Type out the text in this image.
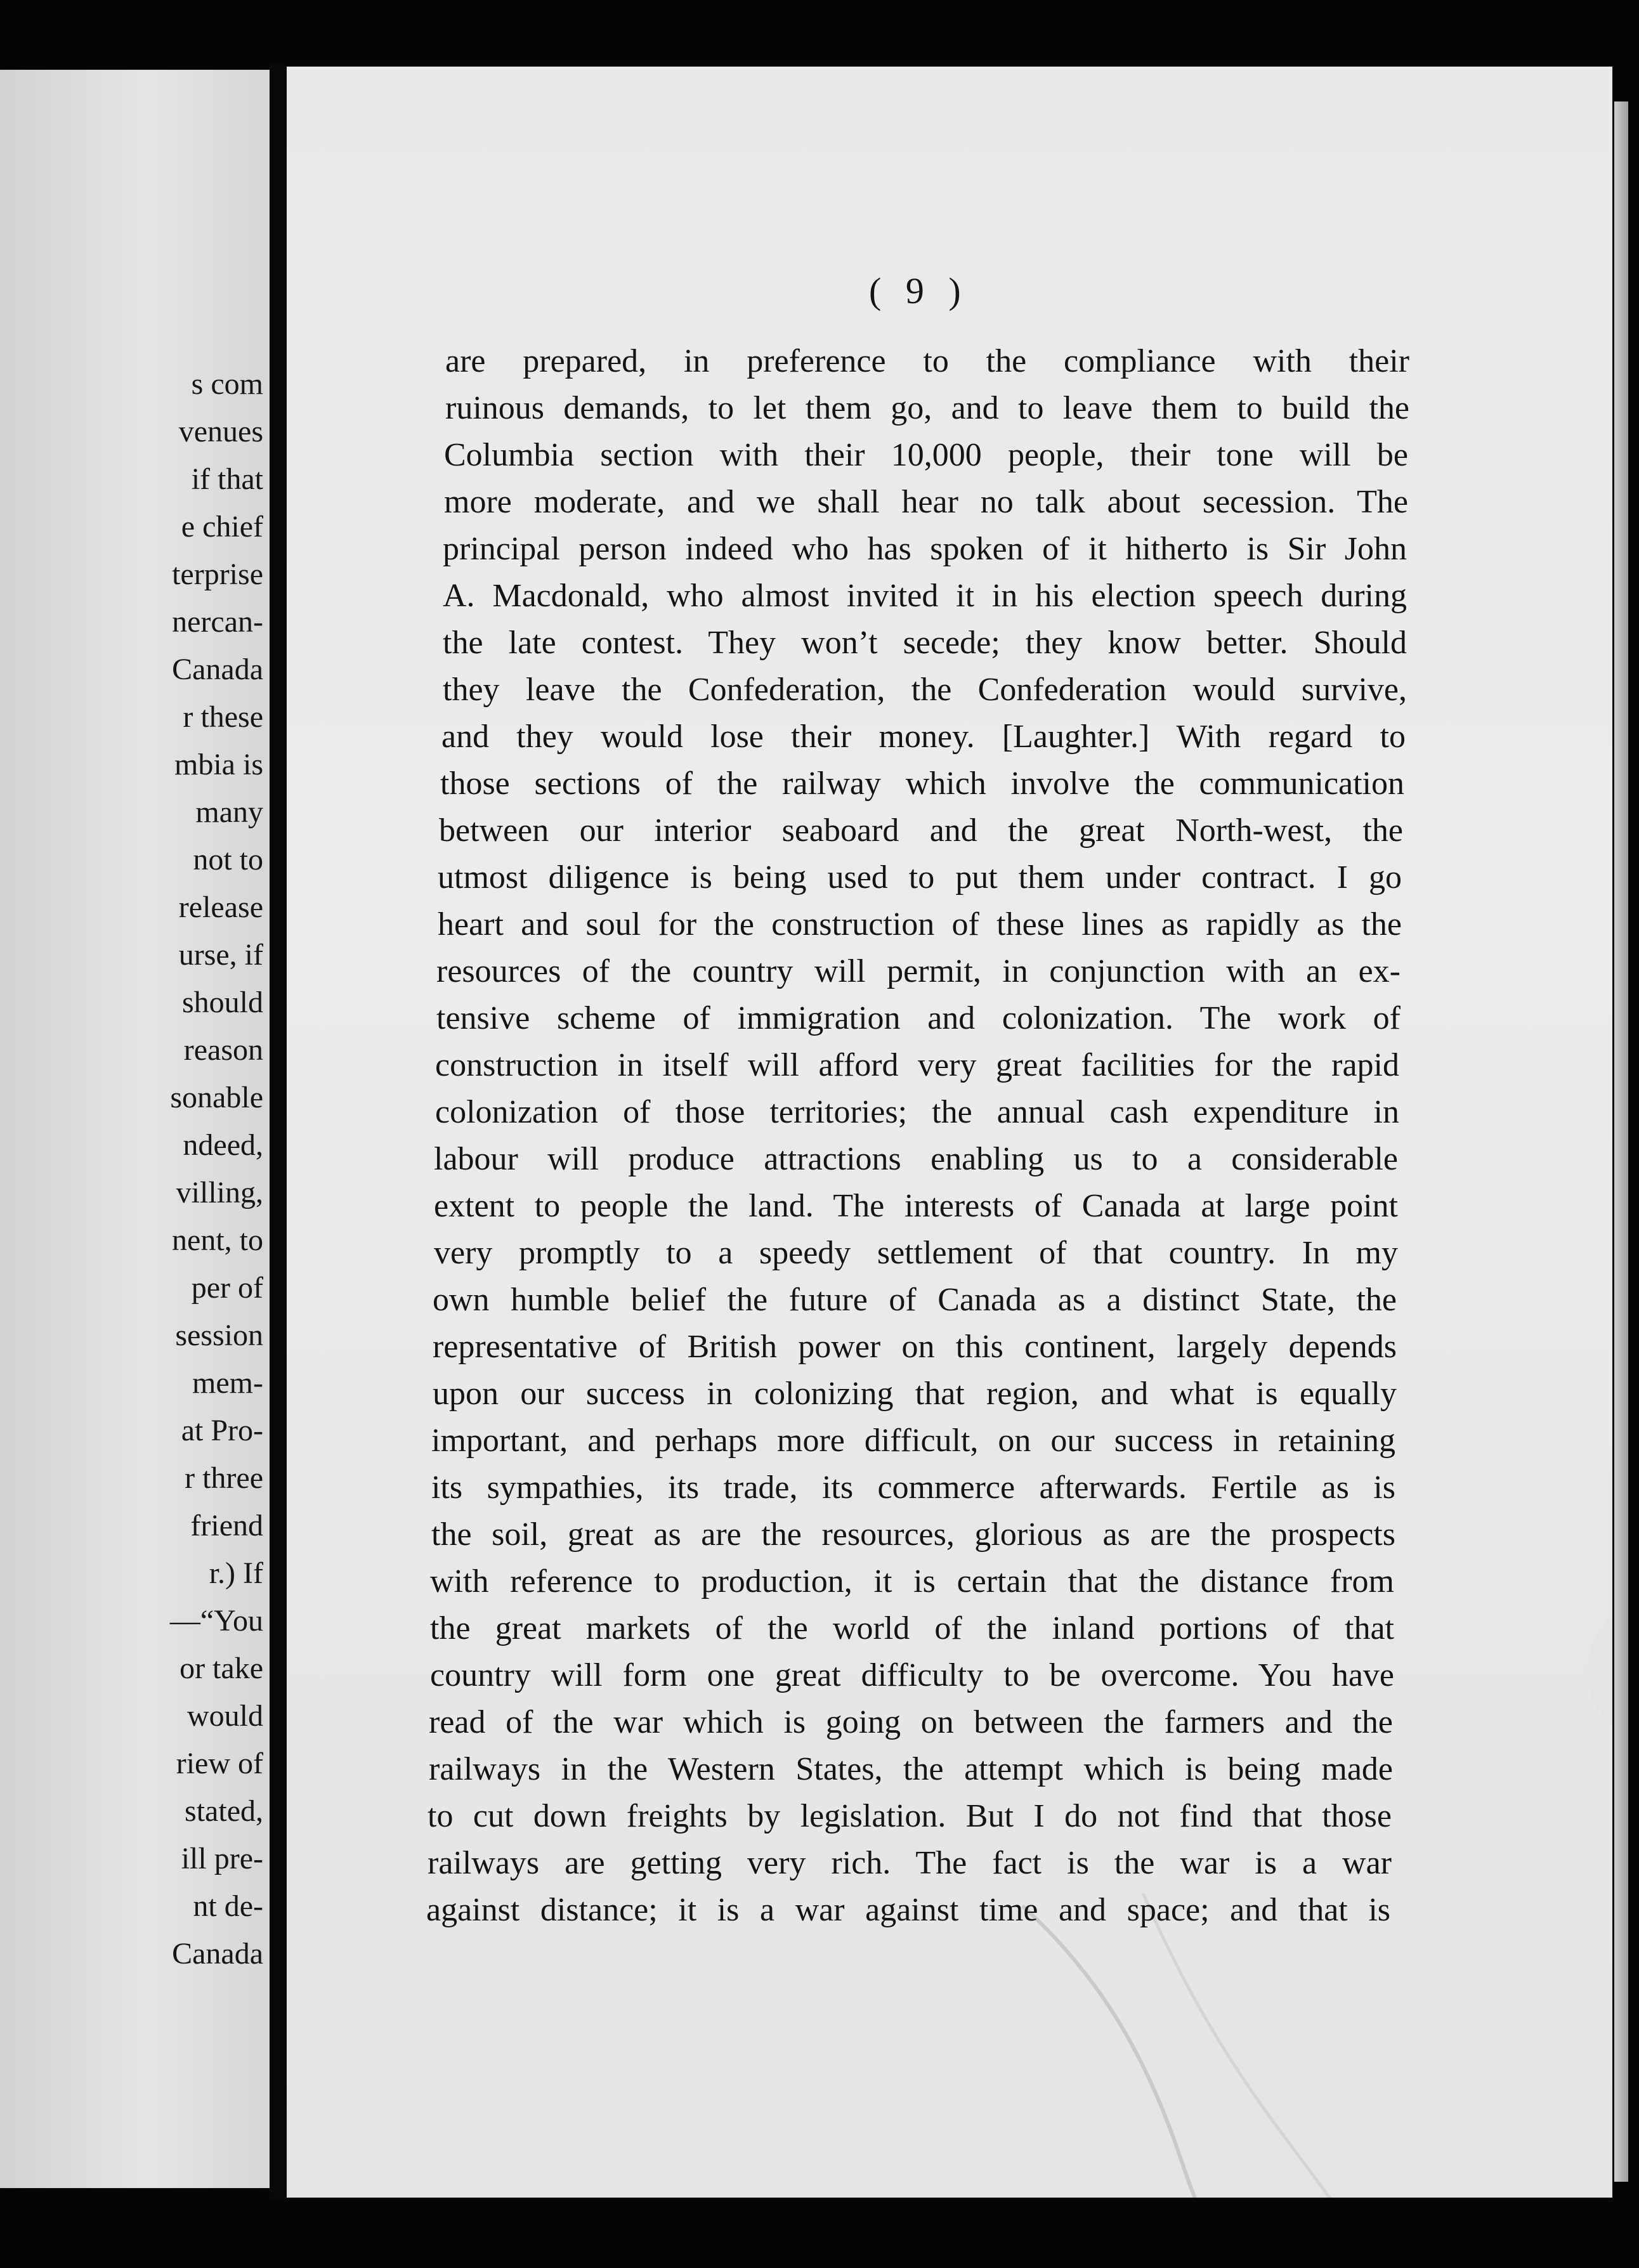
s com

venues

if that

e chief

terprise

nercan-

Canada

r these

mbia is

many

not to

release

urse, if

should

reason

sonable

ndeed,

villing,

nent, to

per of

session

mem-

at Pro-

r three

friend

r.) If

—“You

or take

would

riew of

stated,

ill pre-

nt de-

Canada

( 9 )

are prepared, in preference to the compliance with their

ruinous demands, to let them go, and to leave them to build the

Columbia section with their 10,000 people, their tone will be

more moderate, and we shall hear no talk about secession. The

principal person indeed who has spoken of it hitherto is Sir John

A. Macdonald, who almost invited it in his election speech during

the late contest. They won’t secede; they know better. Should

they leave the Confederation, the Confederation would survive,

and they would lose their money. [Laughter.] With regard to

those sections of the railway which involve the communication

between our interior seaboard and the great North-west, the

utmost diligence is being used to put them under contract. I go

heart and soul for the construction of these lines as rapidly as the

resources of the country will permit, in conjunction with an ex-

tensive scheme of immigration and colonization. The work of

construction in itself will afford very great facilities for the rapid

colonization of those territories; the annual cash expenditure in

labour will produce attractions enabling us to a considerable

extent to people the land. The interests of Canada at large point

very promptly to a speedy settlement of that country. In my

own humble belief the future of Canada as a distinct State, the

representative of British power on this continent, largely depends

upon our success in colonizing that region, and what is equally

important, and perhaps more difficult, on our success in retaining

its sympathies, its trade, its commerce afterwards. Fertile as is

the soil, great as are the resources, glorious as are the prospects

with reference to production, it is certain that the distance from

the great markets of the world of the inland portions of that

country will form one great difficulty to be overcome. You have

read of the war which is going on between the farmers and the

railways in the Western States, the attempt which is being made

to cut down freights by legislation. But I do not find that those

railways are getting very rich. The fact is the war is a war

against distance; it is a war against time and space; and that is
